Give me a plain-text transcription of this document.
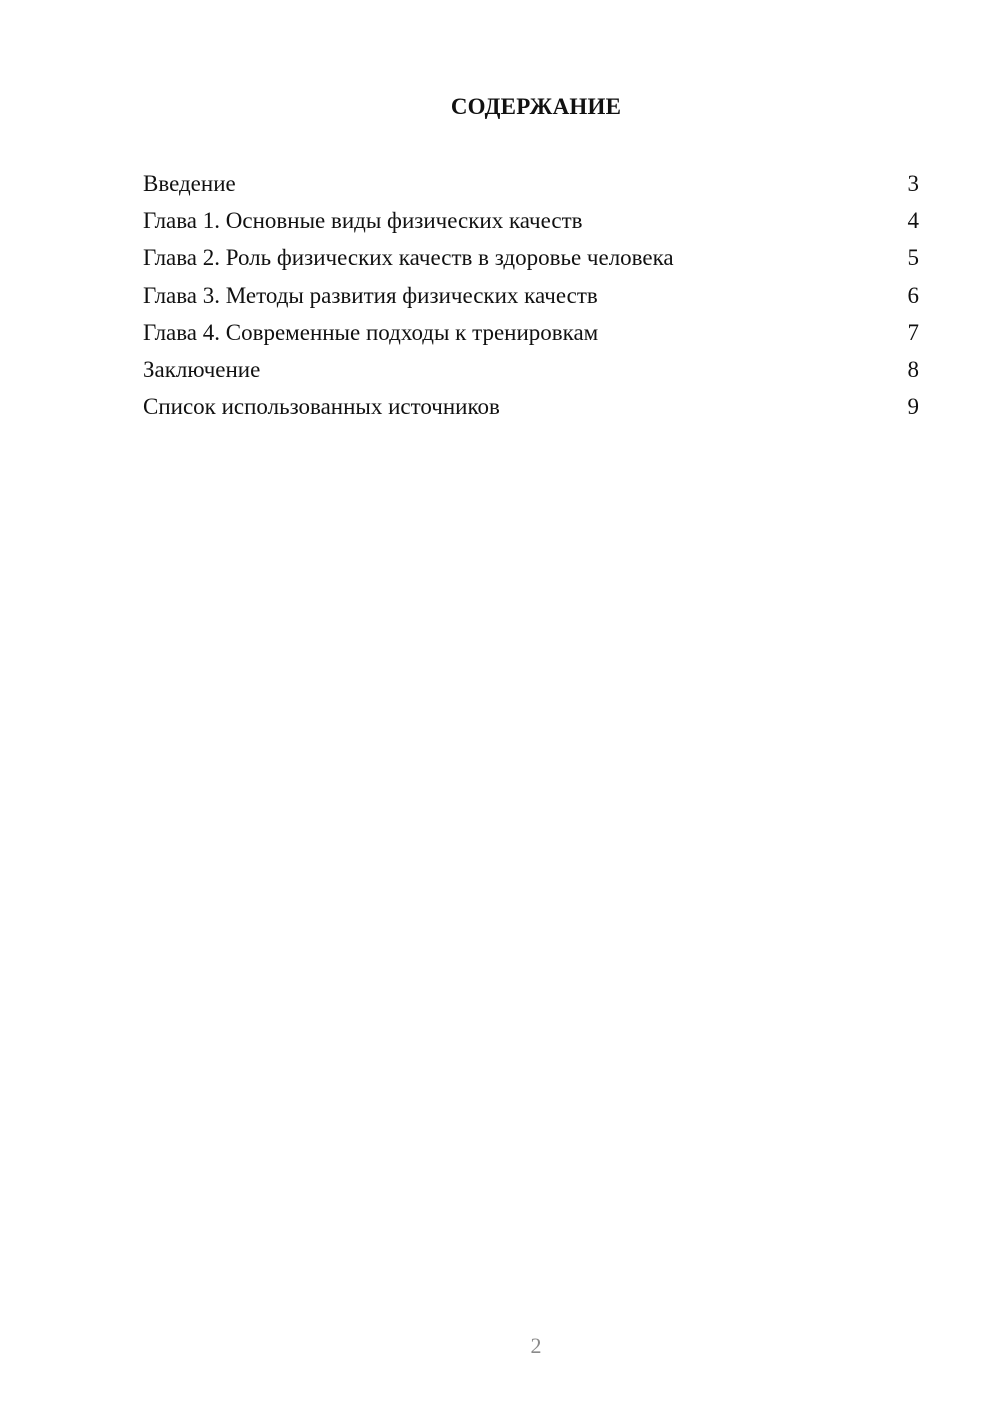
СОДЕРЖАНИЕ
Введение	3
Глава 1. Основные виды физических качеств	4
Глава 2. Роль физических качеств в здоровье человека	5
Глава 3. Методы развития физических качеств	6
Глава 4. Современные подходы к тренировкам	7
Заключение	8
Список использованных источников	9
2
